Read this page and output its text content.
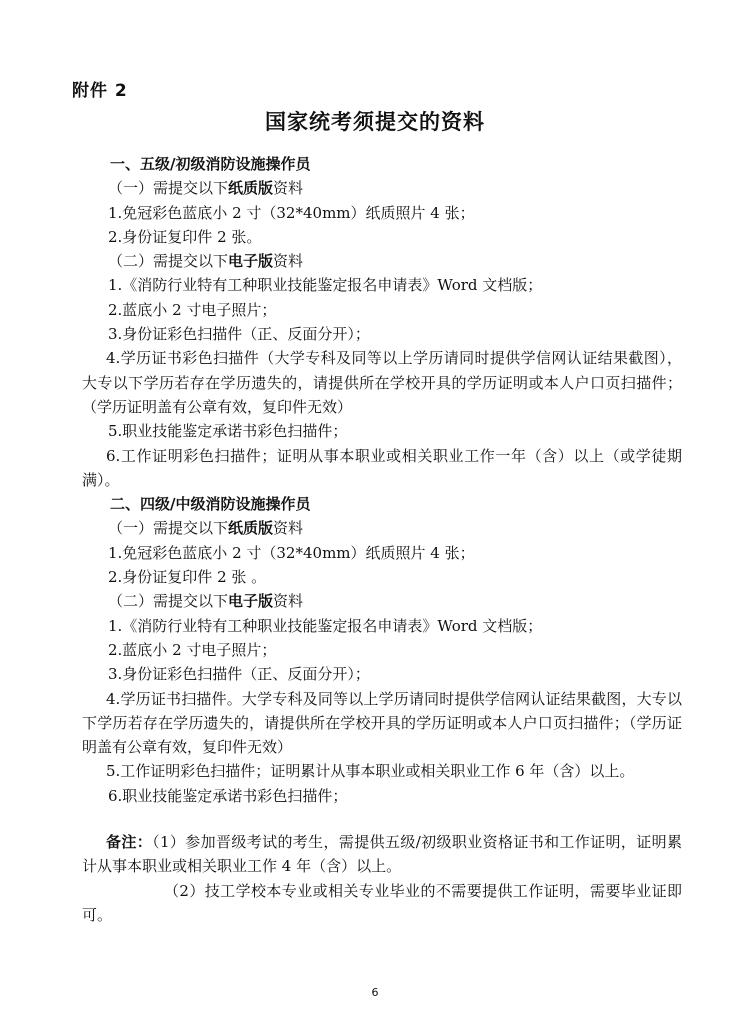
附件 2
国家统考须提交的资料
一、五级/初级消防设施操作员
（一）需提交以下纸质版资料
1.免冠彩色蓝底小 2 寸（32*40mm）纸质照片 4 张；
2.身份证复印件 2 张。
（二）需提交以下电子版资料
1.《消防行业特有工种职业技能鉴定报名申请表》Word 文档版；
2.蓝底小 2 寸电子照片；
3.身份证彩色扫描件（正、反面分开）；
4.学历证书彩色扫描件（大学专科及同等以上学历请同时提供学信网认证结果截图），大专以下学历若存在学历遗失的，请提供所在学校开具的学历证明或本人户口页扫描件；（学历证明盖有公章有效，复印件无效）
5.职业技能鉴定承诺书彩色扫描件；
6.工作证明彩色扫描件；证明从事本职业或相关职业工作一年（含）以上（或学徒期满）。
二、四级/中级消防设施操作员
（一）需提交以下纸质版资料
1.免冠彩色蓝底小 2 寸（32*40mm）纸质照片 4 张；
2.身份证复印件 2 张 。
（二）需提交以下电子版资料
1.《消防行业特有工种职业技能鉴定报名申请表》Word 文档版；
2.蓝底小 2 寸电子照片；
3.身份证彩色扫描件（正、反面分开）；
4.学历证书扫描件。大学专科及同等以上学历请同时提供学信网认证结果截图，大专以下学历若存在学历遗失的，请提供所在学校开具的学历证明或本人户口页扫描件；（学历证明盖有公章有效，复印件无效）
5.工作证明彩色扫描件；证明累计从事本职业或相关职业工作 6 年（含）以上。
6.职业技能鉴定承诺书彩色扫描件；
备注：（1）参加晋级考试的考生，需提供五级/初级职业资格证书和工作证明，证明累计从事本职业或相关职业工作 4 年（含）以上。
（2）技工学校本专业或相关专业毕业的不需要提供工作证明，需要毕业证即可。
6
